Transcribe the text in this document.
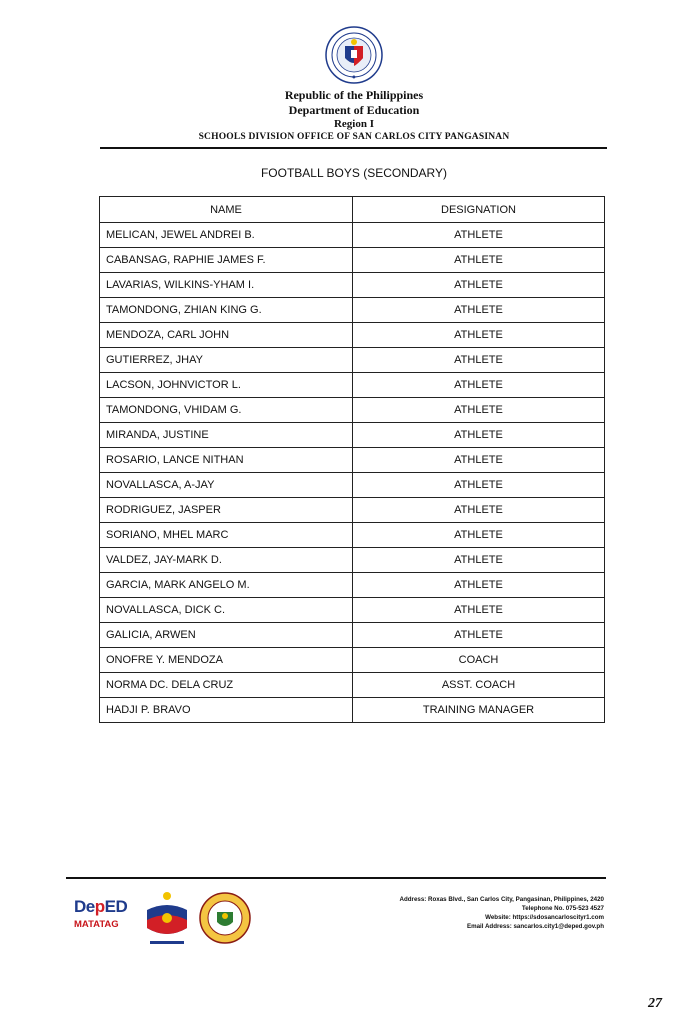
●
Republic of the Philippines
Department of Education
Region I
SCHOOLS DIVISION OFFICE OF SAN CARLOS CITY PANGASINAN
FOOTBALL BOYS (SECONDARY)
NAME	DESIGNATION
MELICAN, JEWEL ANDREI B.	ATHLETE
CABANSAG, RAPHIE JAMES F.	ATHLETE
LAVARIAS, WILKINS-YHAM I.	ATHLETE
TAMONDONG, ZHIAN KING G.	ATHLETE
MENDOZA, CARL JOHN	ATHLETE
GUTIERREZ, JHAY	ATHLETE
LACSON, JOHNVICTOR L.	ATHLETE
TAMONDONG, VHIDAM G.	ATHLETE
MIRANDA, JUSTINE	ATHLETE
ROSARIO, LANCE NITHAN	ATHLETE
NOVALLASCA, A-JAY	ATHLETE
RODRIGUEZ, JASPER	ATHLETE
SORIANO, MHEL MARC	ATHLETE
VALDEZ, JAY-MARK D.	ATHLETE
GARCIA, MARK ANGELO M.	ATHLETE
NOVALLASCA, DICK C.	ATHLETE
GALICIA, ARWEN	ATHLETE
ONOFRE Y. MENDOZA	COACH
NORMA DC. DELA CRUZ	ASST. COACH
HADJI P. BRAVO	TRAINING MANAGER
DepED
MATATAG
Address: Roxas Blvd., San Carlos City, Pangasinan, Philippines, 2420
Telephone No. 075-523 4527
Website: https://sdosancarloscityr1.com
Email Address: sancarlos.city1@deped.gov.ph
27
